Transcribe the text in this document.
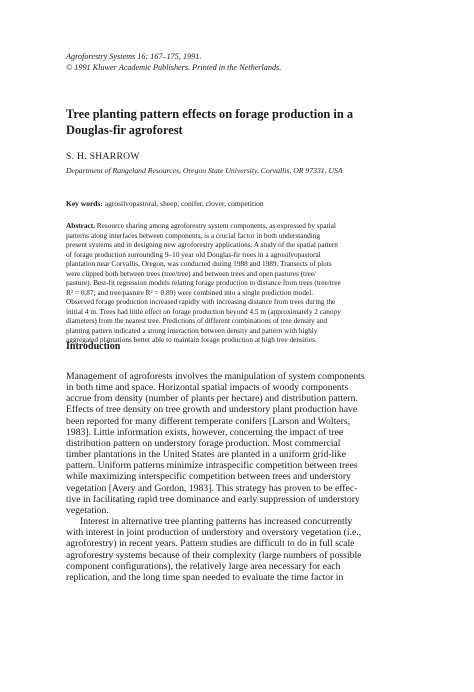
Agroforestry Systems 16: 167–175, 1991.
© 1991 Kluwer Academic Publishers. Printed in the Netherlands.
Tree planting pattern effects on forage production in a
Douglas-fir agroforest
S. H. SHARROW
Department of Rangeland Resources, Oregon State University, Corvallis, OR 97331, USA
Key words: agrosilvopastoral, sheep, conifer, clover, competition
Abstract. Resource sharing among agroforestry system components, as expressed by spatial
patterns along interfaces between components, is a crucial factor in both understanding
present systems and in designing new agroforestry applications. A study of the spatial pattern
of forage production surrounding 9–10 year old Douglas-fir trees in a agrosilvopastoral
plantation near Corvallis, Oregon, was conducted during 1988 and 1989. Transects of plots
were clipped both between trees (tree/tree) and between trees and open pastures (tree/
pasture). Best-fit regression models relating forage production to distance from trees (tree/tree
R² = 0.87; and tree/pasture R² = 0.89) were combined into a single prediction model.
Observed forage production increased rapidly with increasing distance from trees during the
initial 4 m. Trees had little effect on forage production beyond 4.5 m (approximately 2 canopy
diameters) from the nearest tree. Predictions of different combinations of tree density and
planting pattern indicated a strong interaction between density and pattern with highly
aggregated plantations better able to maintain forage production at high tree densities.
Introduction
Management of agroforests involves the manipulation of system components
in both time and space. Horizontal spatial impacts of woody components
accrue from density (number of plants per hectare) and distribution pattern.
Effects of tree density on tree growth and understory plant production have
been reported for many different temperate conifers [Larson and Wolters,
1983]. Little information exists, however, concerning the impact of tree
distribution pattern on understory forage production. Most commercial
timber plantations in the United States are planted in a uniform grid-like
pattern. Uniform patterns minimize intraspecific competition between trees
while maximizing interspecific competition between trees and understory
vegetation [Avery and Gordon, 1983]. This strategy has proven to be effec-
tive in facilitating rapid tree dominance and early suppression of understory
vegetation.
Interest in alternative tree planting patterns has increased concurrently
with interest in joint production of understory and overstory vegetation (i.e.,
agroforestry) in recent years. Pattern studies are difficult to do in full scale
agroforestry systems because of their complexity (large numbers of possible
component configurations), the relatively large area necessary for each
replication, and the long time span needed to evaluate the time factor in
